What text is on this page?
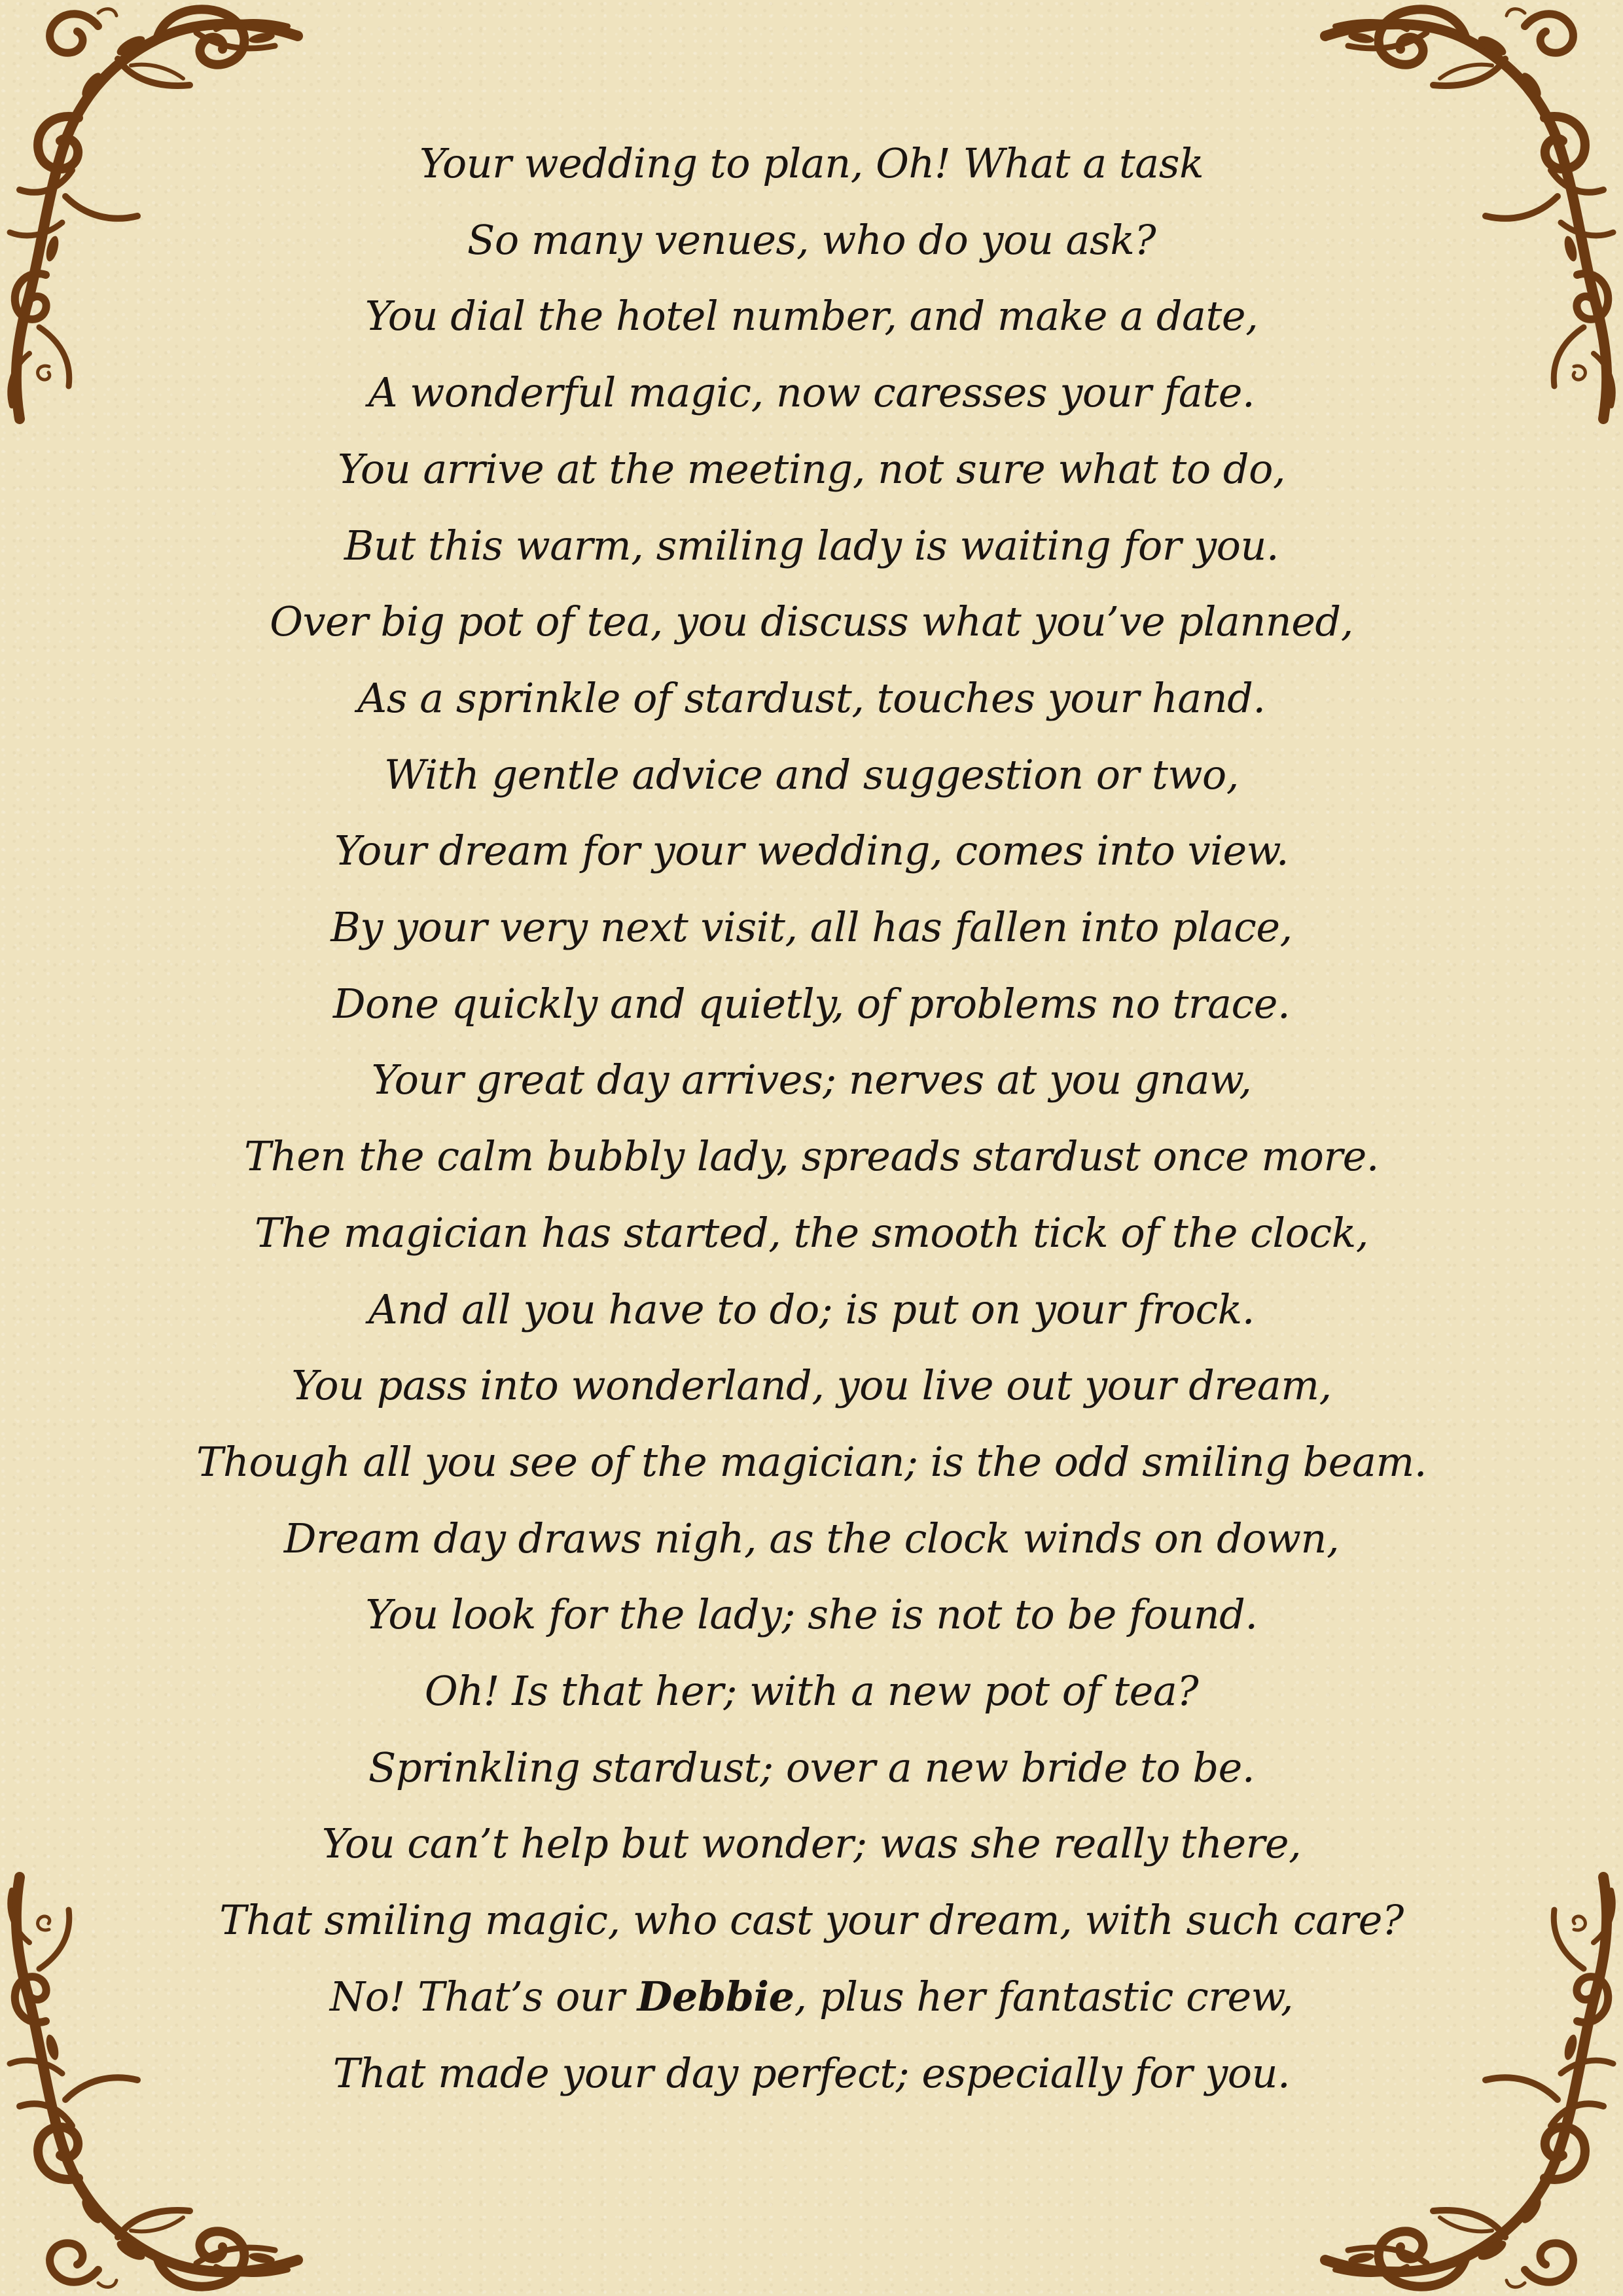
Your wedding to plan, Oh! What a task
So many venues, who do you ask?
You dial the hotel number, and make a date,
A wonderful magic, now caresses your fate.
You arrive at the meeting, not sure what to do,
But this warm, smiling lady is waiting for you.
Over big pot of tea, you discuss what you’ve planned,
As a sprinkle of stardust, touches your hand.
With gentle advice and suggestion or two,
Your dream for your wedding, comes into view.
By your very next visit, all has fallen into place,
Done quickly and quietly, of problems no trace.
Your great day arrives; nerves at you gnaw,
Then the calm bubbly lady, spreads stardust once more.
The magician has started, the smooth tick of the clock,
And all you have to do; is put on your frock.
You pass into wonderland, you live out your dream,
Though all you see of the magician; is the odd smiling beam.
Dream day draws nigh, as the clock winds on down,
You look for the lady; she is not to be found.
Oh! Is that her; with a new pot of tea?
Sprinkling stardust; over a new bride to be.
You can’t help but wonder; was she really there,
That smiling magic, who cast your dream, with such care?
No! That’s our Debbie, plus her fantastic crew,
That made your day perfect; especially for you.
